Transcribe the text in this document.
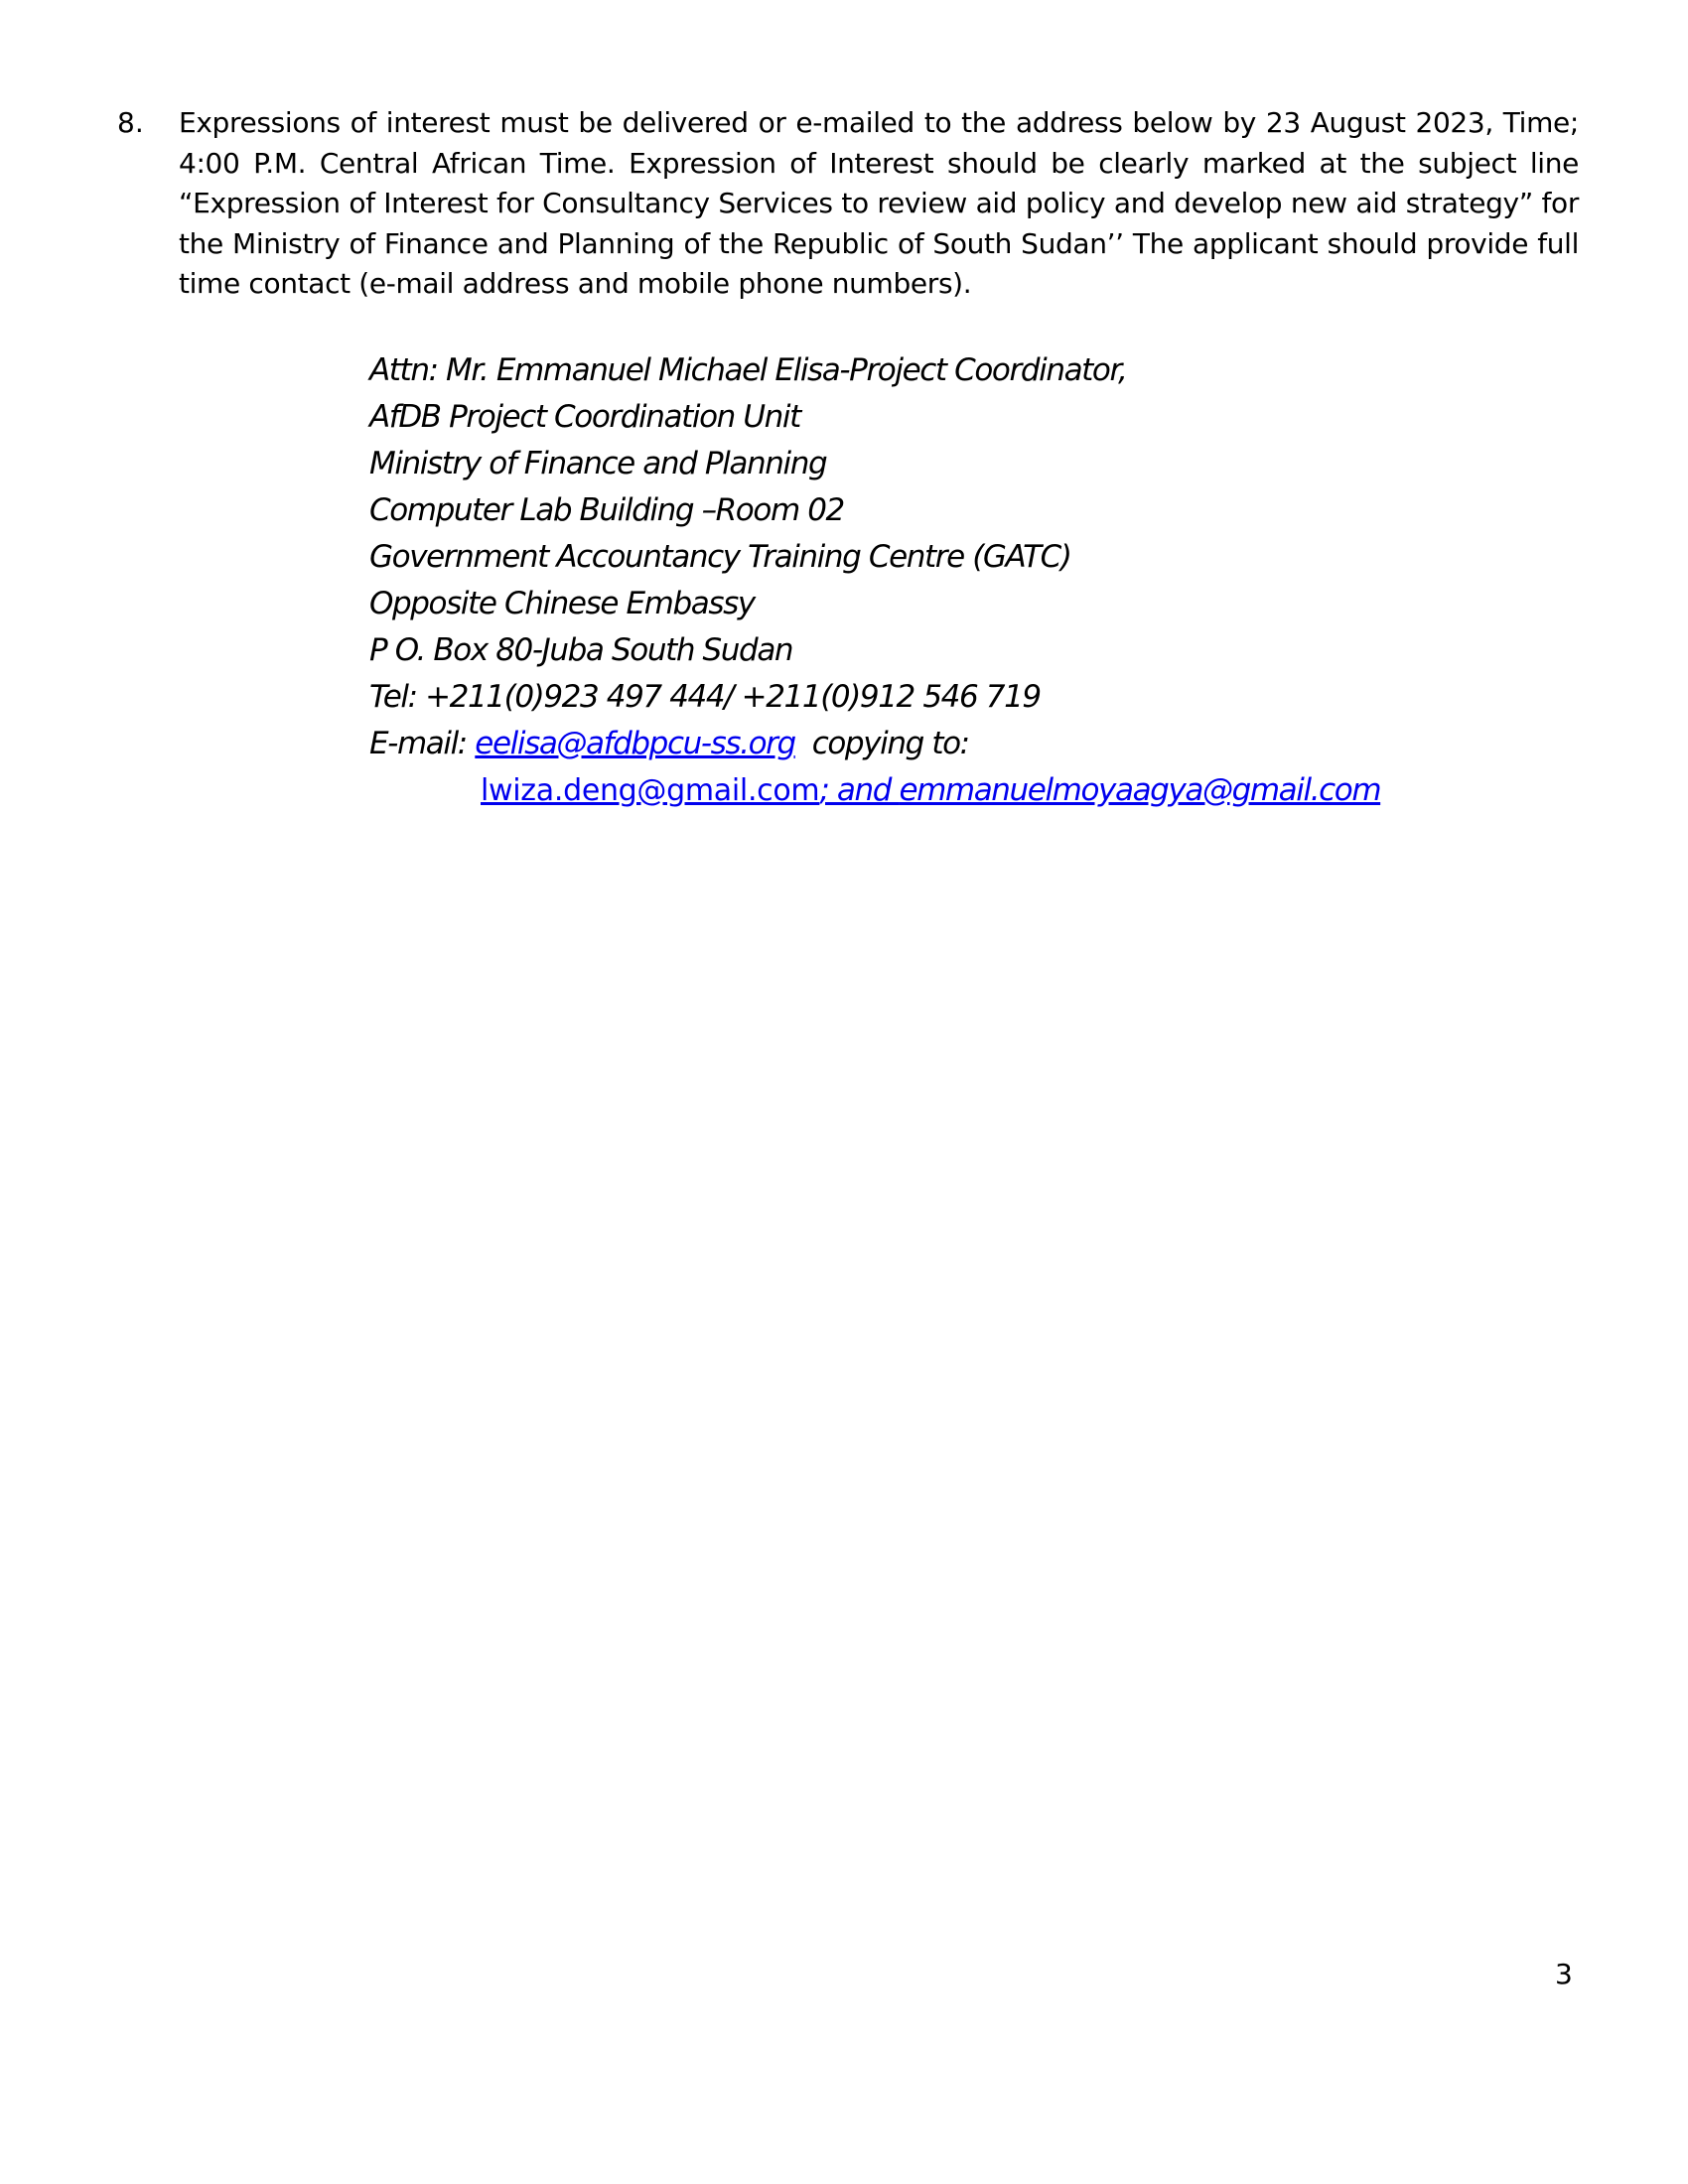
8. Expressions of interest must be delivered or e-mailed to the address below by 23 August 2023, Time; 4:00 P.M. Central African Time. Expression of Interest should be clearly marked at the subject line “Expression of Interest for Consultancy Services to review aid policy and develop new aid strategy” for the Ministry of Finance and Planning of the Republic of South Sudan’’ The applicant should provide full time contact (e-mail address and mobile phone numbers).
Attn: Mr. Emmanuel Michael Elisa-Project Coordinator,
AfDB Project Coordination Unit
Ministry of Finance and Planning
Computer Lab Building –Room 02
Government Accountancy Training Centre (GATC)
Opposite Chinese Embassy
P O. Box 80-Juba South Sudan
Tel: +211(0)923 497 444/ +211(0)912 546 719
E-mail: eelisa@afdbpcu-ss.org copying to:
lwiza.deng@gmail.com; and emmanuelmoyaagya@gmail.com
3
